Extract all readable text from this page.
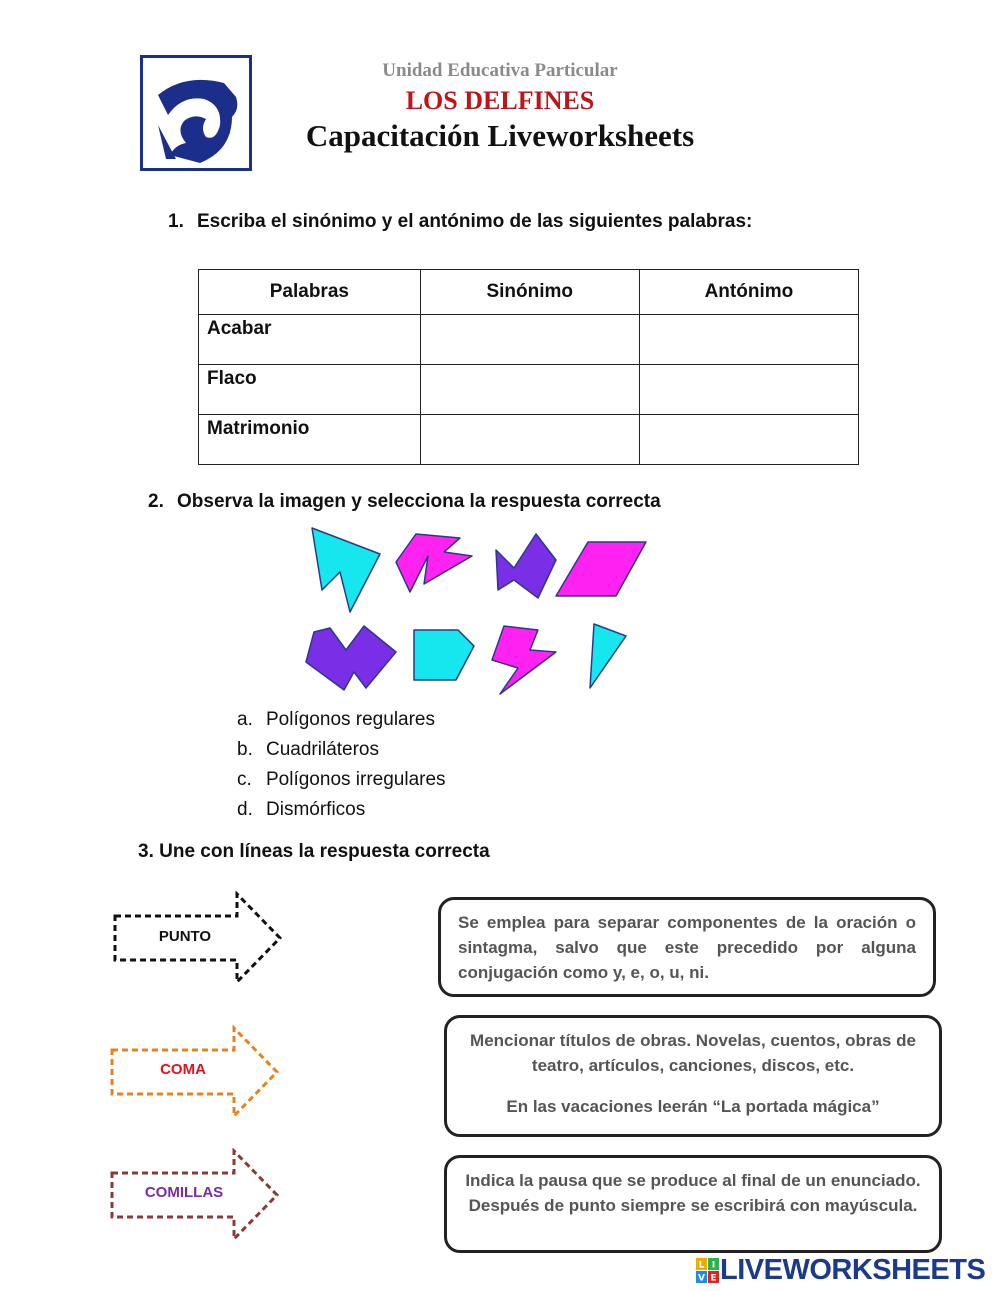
Unidad Educativa Particular
LOS DELFINES
Capacitación Liveworksheets
1. Escriba el sinónimo y el antónimo de las siguientes palabras:
Palabras	Sinónimo	Antónimo
Acabar		
Flaco		
Matrimonio		
2. Observa la imagen y selecciona la respuesta correcta
a. Polígonos regulares
b. Cuadriláteros
c. Polígonos irregulares
d. Dismórficos
3. Une con líneas la respuesta correcta
PUNTO
COMA
COMILLAS
Se emplea para separar componentes de la oración o sintagma, salvo que este precedido por alguna conjugación como y, e, o, u, ni.
Mencionar títulos de obras. Novelas, cuentos, obras de teatro, artículos, canciones, discos, etc.
En las vacaciones leerán “La portada mágica”
Indica la pausa que se produce al final de un enunciado. Después de punto siempre se escribirá con mayúscula.
L I
V E LIVEWORKSHEETS
